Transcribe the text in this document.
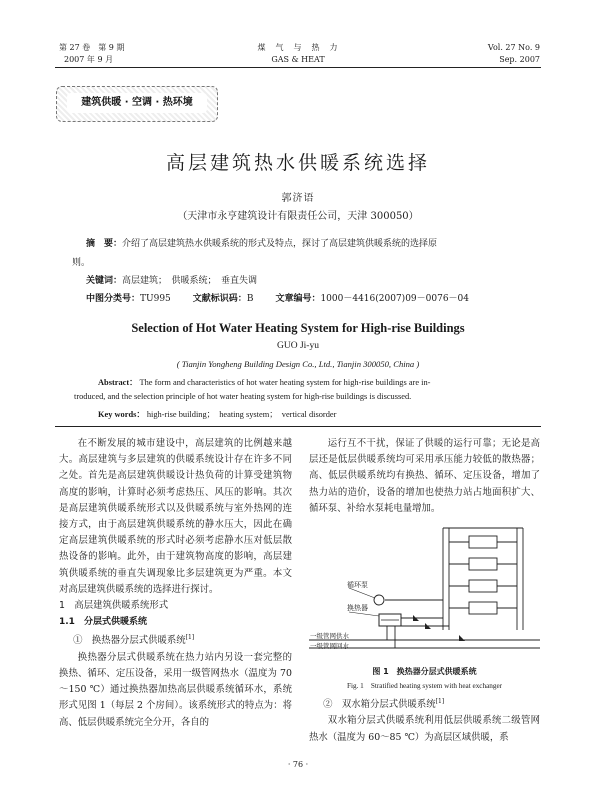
第 27 卷　第 9 期
2007 年 9 月
煤　气　与　热　力
GAS & HEAT
Vol. 27 No. 9
Sep. 2007
建筑供暖 · 空调 · 热环境
高层建筑热水供暖系统选择
郭济语
（天津市永亨建筑设计有限责任公司，天津 300050）
摘　要：介绍了高层建筑热水供暖系统的形式及特点，探讨了高层建筑供暖系统的选择原
则。
关键词：高层建筑；　供暖系统；　垂直失调
中图分类号：TU995 文献标识码：B 文章编号：1000－4416(2007)09－0076－04
Selection of Hot Water Heating System for High-rise Buildings
GUO Ji-yu
( Tianjin Yongheng Building Design Co., Ltd., Tianjin 300050, China )
Abstract： The form and characteristics of hot water heating system for high-rise buildings are in-
troduced, and the selection principle of hot water heating system for high-rise buildings is discussed.
Key words： high-rise building；　heating system；　vertical disorder

在不断发展的城市建设中，高层建筑的比例越来越大。高层建筑与多层建筑的供暖系统设计存在许多不同之处。首先是高层建筑供暖设计热负荷的计算受建筑物高度的影响，计算时必须考虑热压、风压的影响。其次是高层建筑供暖系统形式以及供暖系统与室外热网的连接方式，由于高层建筑供暖系统的静水压大，因此在确定高层建筑供暖系统的形式时必须考虑静水压对低层散热设备的影响。此外，由于建筑物高度的影响，高层建筑供暖系统的垂直失调现象比多层建筑更为严重。本文对高层建筑供暖系统的选择进行探讨。

1　高层建筑供暖系统形式

1.1　分层式供暖系统

①　换热器分层式供暖系统[1]

换热器分层式供暖系统在热力站内另设一套完整的换热、循环、定压设备，采用一级管网热水（温度为 70～150 ℃）通过换热器加热高层供暖系统循环水，系统形式见图 1（每层 2 个房间）。该系统形式的特点为：将高、低层供暖系统完全分开，各自的

运行互不干扰，保证了供暖的运行可靠；无论是高层还是低层供暖系统均可采用承压能力较低的散热器；高、低层供暖系统均有换热、循环、定压设备，增加了热力站的造价，设备的增加也使热力站占地面积扩大、循环泵、补给水泵耗电量增加。

循环泵
换热器
一级管网供水
一级管网回水
图 1　换热器分层式供暖系统
Fig. 1　Stratified heating system with heat exchanger

②　双水箱分层式供暖系统[1]

双水箱分层式供暖系统利用低层供暖系统二级管网热水（温度为 60～85 ℃）为高层区域供暖，系

· 76 ·
